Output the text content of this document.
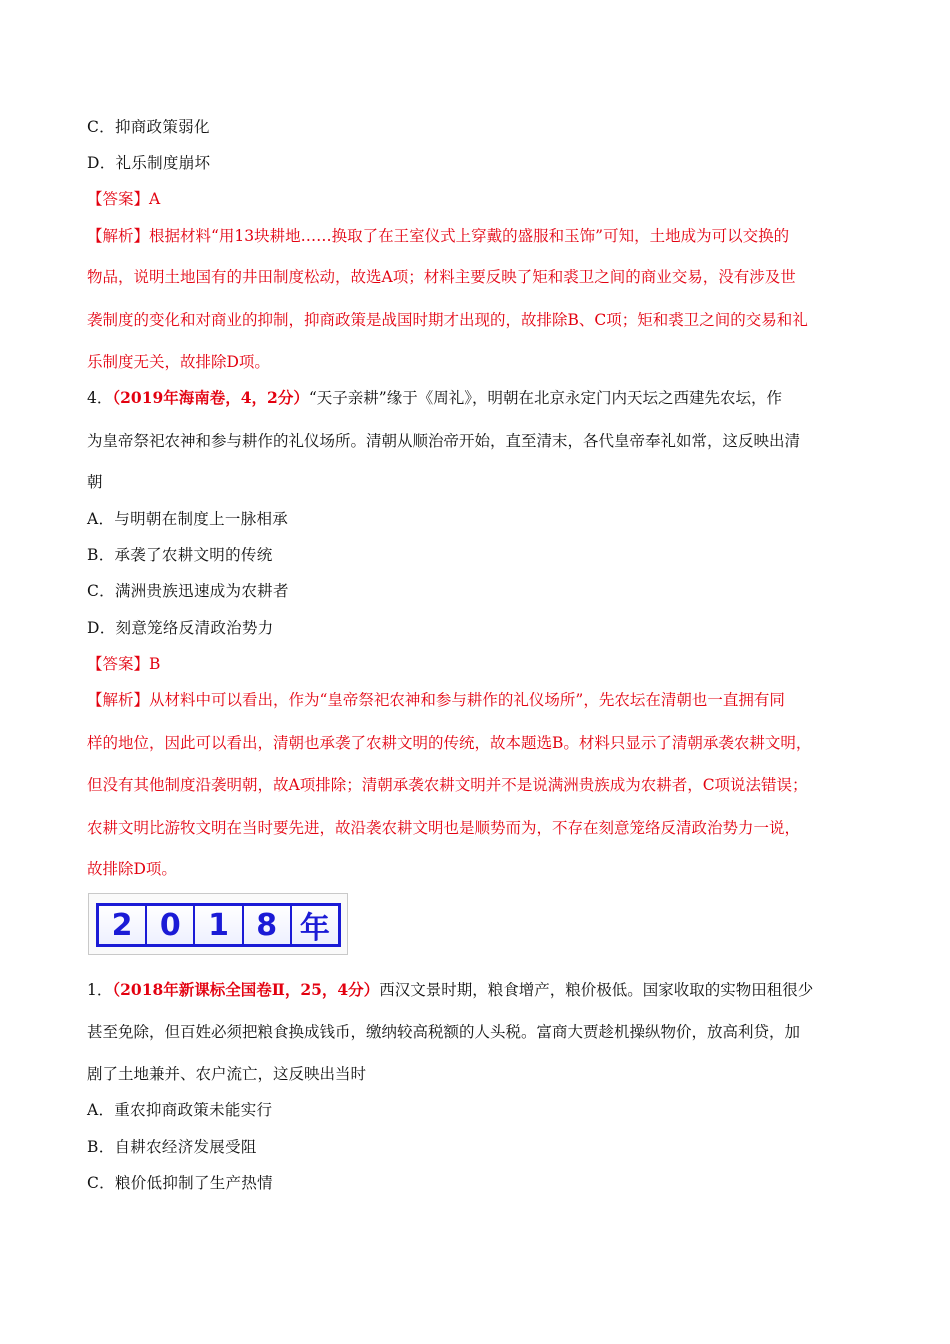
C．抑商政策弱化
D．礼乐制度崩坏
【答案】A
【解析】根据材料“用13块耕地……换取了在王室仪式上穿戴的盛服和玉饰”可知，土地成为可以交换的
物品，说明土地国有的井田制度松动，故选A项；材料主要反映了矩和裘卫之间的商业交易，没有涉及世
袭制度的变化和对商业的抑制，抑商政策是战国时期才出现的，故排除B、C项；矩和裘卫之间的交易和礼
乐制度无关，故排除D项。
4．（2019年海南卷，4，2分）“天子亲耕”缘于《周礼》，明朝在北京永定门内天坛之西建先农坛，作
为皇帝祭祀农神和参与耕作的礼仪场所。清朝从顺治帝开始，直至清末，各代皇帝奉礼如常，这反映出清
朝
A．与明朝在制度上一脉相承
B．承袭了农耕文明的传统
C．满洲贵族迅速成为农耕者
D．刻意笼络反清政治势力
【答案】B
【解析】从材料中可以看出，作为“皇帝祭祀农神和参与耕作的礼仪场所”，先农坛在清朝也一直拥有同
样的地位，因此可以看出，清朝也承袭了农耕文明的传统，故本题选B。材料只显示了清朝承袭农耕文明，
但没有其他制度沿袭明朝，故A项排除；清朝承袭农耕文明并不是说满洲贵族成为农耕者，C项说法错误；
农耕文明比游牧文明在当时要先进，故沿袭农耕文明也是顺势而为，不存在刻意笼络反清政治势力一说，
故排除D项。
2 0 1 8 年
1．（2018年新课标全国卷Ⅱ，25，4分）西汉文景时期，粮食增产，粮价极低。国家收取的实物田租很少
甚至免除，但百姓必须把粮食换成钱币，缴纳较高税额的人头税。富商大贾趁机操纵物价，放高利贷，加
剧了土地兼并、农户流亡，这反映出当时
A．重农抑商政策未能实行
B．自耕农经济发展受阻
C．粮价低抑制了生产热情
